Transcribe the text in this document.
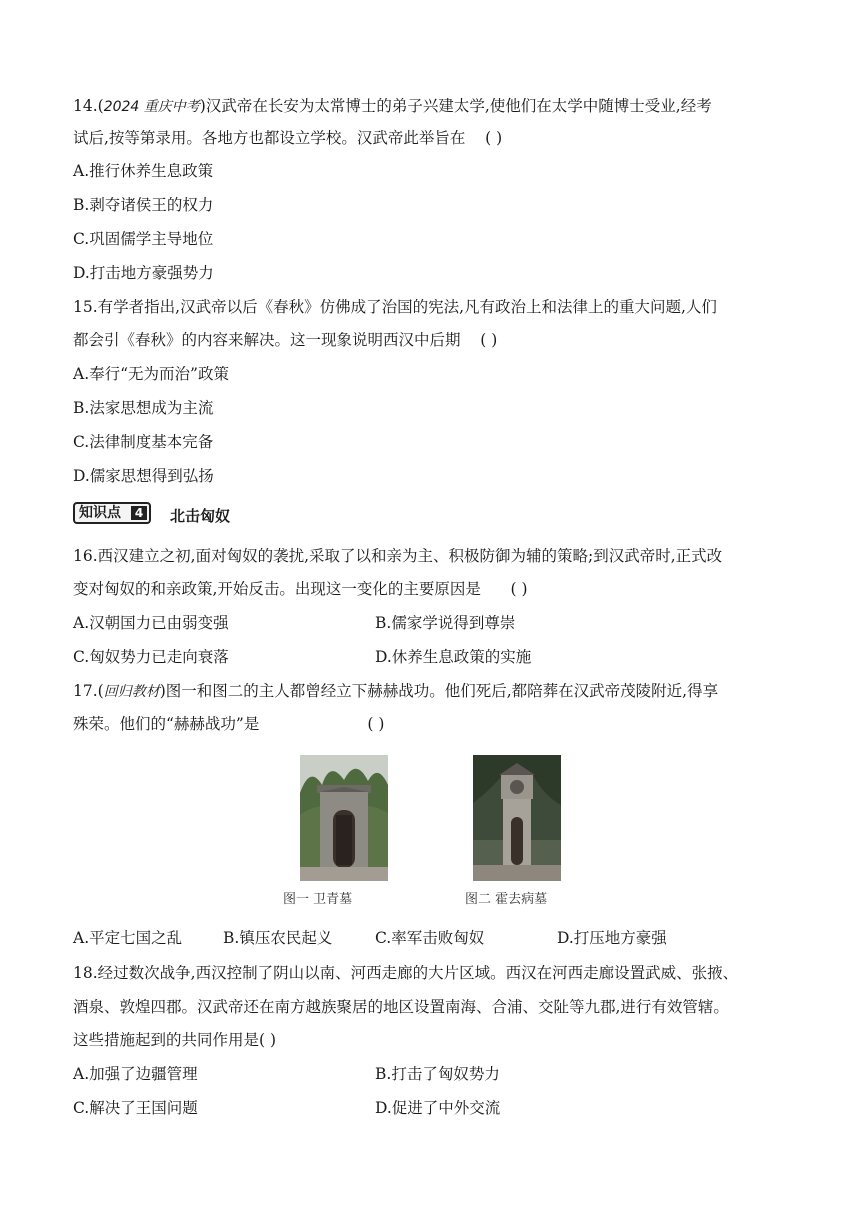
14.(2024 重庆中考)汉武帝在长安为太常博士的弟子兴建太学,使他们在太学中随博士受业,经考
试后,按等第录用。各地方也都设立学校。汉武帝此举旨在 ( )
A.推行休养生息政策
B.剥夺诸侯王的权力
C.巩固儒学主导地位
D.打击地方豪强势力
15.有学者指出,汉武帝以后《春秋》仿佛成了治国的宪法,凡有政治上和法律上的重大问题,人们
都会引《春秋》的内容来解决。这一现象说明西汉中后期 ( )
A.奉行“无为而治”政策
B.法家思想成为主流
C.法律制度基本完备
D.儒家思想得到弘扬
知识点	4 北击匈奴
16.西汉建立之初,面对匈奴的袭扰,采取了以和亲为主、积极防御为辅的策略;到汉武帝时,正式改
变对匈奴的和亲政策,开始反击。出现这一变化的主要原因是 ( )
A.汉朝国力已由弱变强	B.儒家学说得到尊崇
C.匈奴势力已走向衰落	D.休养生息政策的实施
17.(回归教材)图一和图二的主人都曾经立下赫赫战功。他们死后,都陪葬在汉武帝茂陵附近,得享
殊荣。他们的“赫赫战功”是	( )
图一 卫青墓	图二 霍去病墓
A.平定七国之乱	B.镇压农民起义	C.率军击败匈奴	D.打压地方豪强
18.经过数次战争,西汉控制了阴山以南、河西走廊的大片区域。西汉在河西走廊设置武威、张掖、
酒泉、敦煌四郡。汉武帝还在南方越族聚居的地区设置南海、合浦、交阯等九郡,进行有效管辖。
这些措施起到的共同作用是( )
A.加强了边疆管理	B.打击了匈奴势力
C.解决了王国问题	D.促进了中外交流
